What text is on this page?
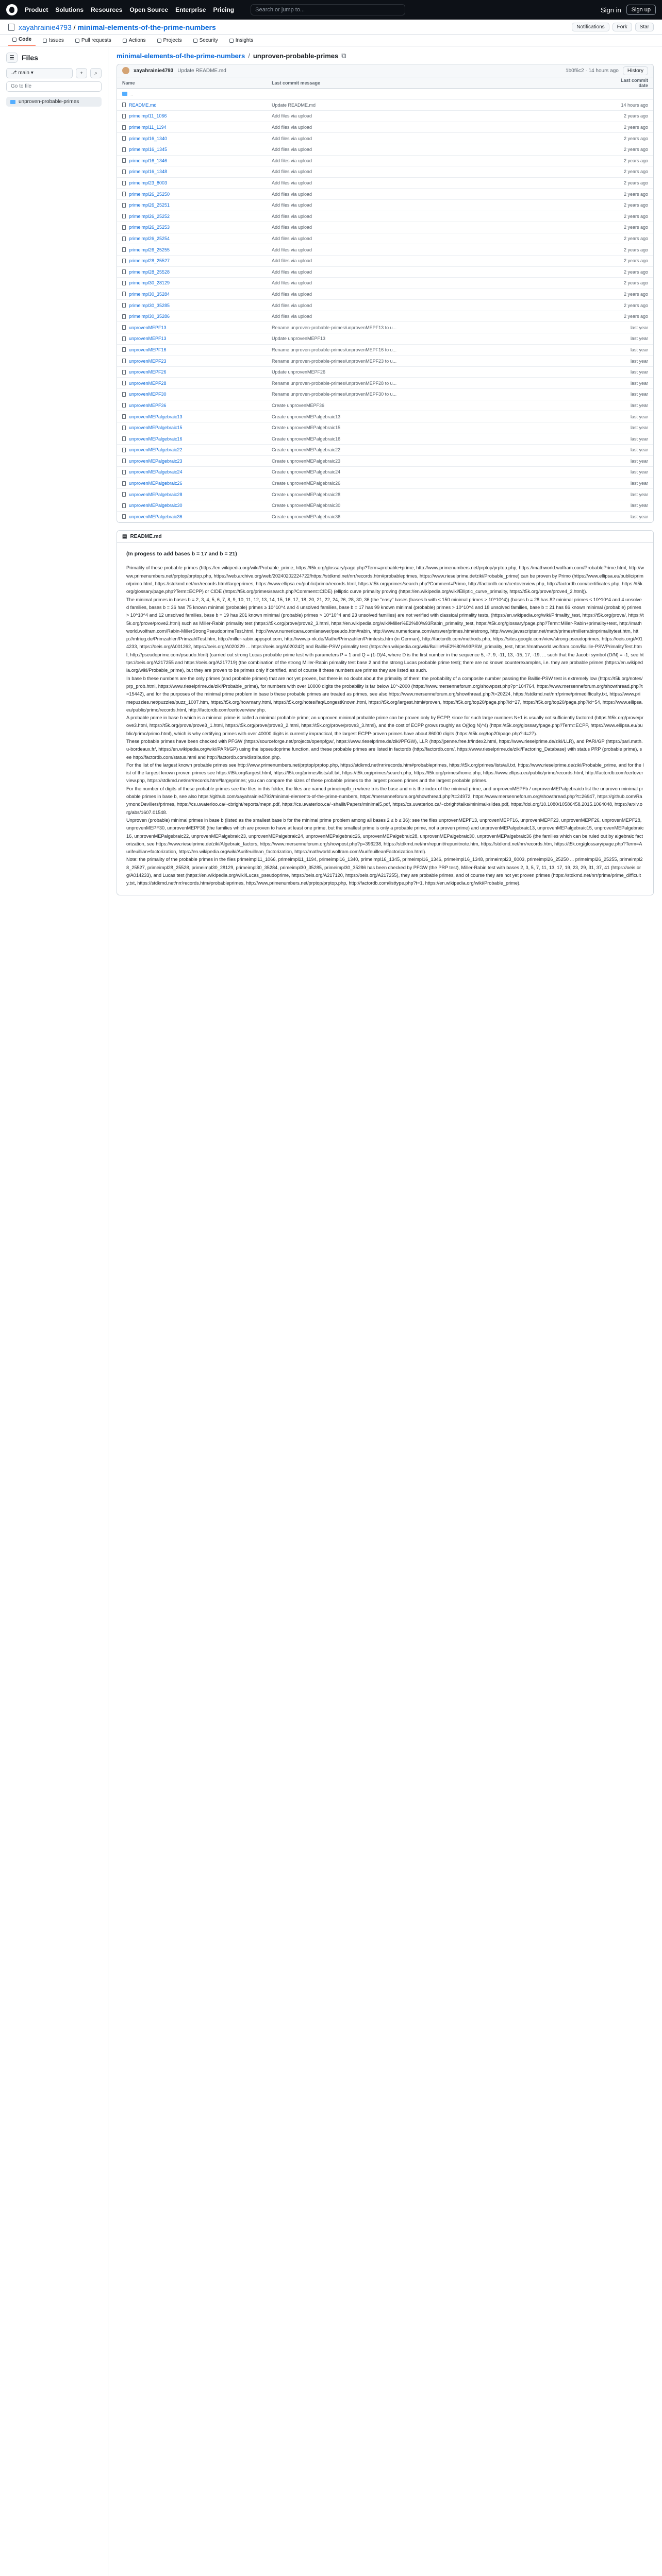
Product Solutions Resources Open Source Enterprise Pricing	Search or jump to...	Sign in	Sign up
xayahrainie4793 / minimal-elements-of-the-prime-numbers	Notifications	Fork	Star
Code	Issues	Pull requests	Actions	Projects	Security	Insights
☰	Files
⎇ main ▾	+	⌕
Go to file
unproven-probable-primes
minimal-elements-of-the-prime-numbers / unproven-probable-primes ⧉
xayahrainie4793 Update README.md	1b0f6c2 · 14 hours ago	History
Name	Last commit message	Last commit date
..
README.md	Update README.md	14 hours ago
primeimpl11_1066	Add files via upload	2 years ago
primeimpl11_1194	Add files via upload	2 years ago
primeimpl16_1340	Add files via upload	2 years ago
primeimpl16_1345	Add files via upload	2 years ago
primeimpl16_1346	Add files via upload	2 years ago
primeimpl16_1348	Add files via upload	2 years ago
primeimpl23_8003	Add files via upload	2 years ago
primeimpl26_25250	Add files via upload	2 years ago
primeimpl26_25251	Add files via upload	2 years ago
primeimpl26_25252	Add files via upload	2 years ago
primeimpl26_25253	Add files via upload	2 years ago
primeimpl26_25254	Add files via upload	2 years ago
primeimpl26_25255	Add files via upload	2 years ago
primeimpl28_25527	Add files via upload	2 years ago
primeimpl28_25528	Add files via upload	2 years ago
primeimpl30_28129	Add files via upload	2 years ago
primeimpl30_35284	Add files via upload	2 years ago
primeimpl30_35285	Add files via upload	2 years ago
primeimpl30_35286	Add files via upload	2 years ago
unprovenMEPF13	Rename unproven-probable-primes/unprovenMEPF13 to u...	last year
unprovenMEPF13	Update unprovenMEPF13	last year
unprovenMEPF16	Rename unproven-probable-primes/unprovenMEPF16 to u...	last year
unprovenMEPF23	Rename unproven-probable-primes/unprovenMEPF23 to u...	last year
unprovenMEPF26	Update unprovenMEPF26	last year
unprovenMEPF28	Rename unproven-probable-primes/unprovenMEPF28 to u...	last year
unprovenMEPF30	Rename unproven-probable-primes/unprovenMEPF30 to u...	last year
unprovenMEPF36	Create unprovenMEPF36	last year
unprovenMEPalgebraic13	Create unprovenMEPalgebraic13	last year
unprovenMEPalgebraic15	Create unprovenMEPalgebraic15	last year
unprovenMEPalgebraic16	Create unprovenMEPalgebraic16	last year
unprovenMEPalgebraic22	Create unprovenMEPalgebraic22	last year
unprovenMEPalgebraic23	Create unprovenMEPalgebraic23	last year
unprovenMEPalgebraic24	Create unprovenMEPalgebraic24	last year
unprovenMEPalgebraic26	Create unprovenMEPalgebraic26	last year
unprovenMEPalgebraic28	Create unprovenMEPalgebraic28	last year
unprovenMEPalgebraic30	Create unprovenMEPalgebraic30	last year
unprovenMEPalgebraic36	Create unprovenMEPalgebraic36	last year
▤ README.md
(In progess to add bases b = 17 and b = 21)

Primality of these probable primes (https://en.wikipedia.org/wiki/Probable_prime, https://t5k.org/glossary/page.php?Term=probable+prime, http://www.primenumbers.net/prptop/prptop.php, https://mathworld.wolfram.com/ProbablePrime.html, http://www.primenumbers.net/prptop/prptop.php, https://web.archive.org/web/20240202224722/https://stdkmd.net/nrr/records.htm#probableprimes, https://www.rieselprime.de/ziki/Probable_prime) can be proven by Primo (https://www.ellipsa.eu/public/primo/primo.html, https://stdkmd.net/nrr/records.htm#largeprimes, https://www.ellipsa.eu/public/primo/records.html, https://t5k.org/primes/search.php?Comment=Primo, http://factordb.com/certoverview.php, http://factordb.com/certificates.php, https://t5k.org/glossary/page.php?Term=ECPP) or CIDE (https://t5k.org/primes/search.php?Comment=CIDE) (elliptic curve primality proving (https://en.wikipedia.org/wiki/Elliptic_curve_primality, https://t5k.org/prove/prove4_2.html)).

The minimal primes in bases b = 2, 3, 4, 5, 6, 7, 8, 9, 10, 11, 12, 13, 14, 15, 16, 17, 18, 20, 21, 22, 24, 26, 28, 30, 36 (the "easy" bases (bases b with ≤ 150 minimal primes > 10^10^4)) (bases b = 28 has 82 minimal primes ≤ 10^10^4 and 4 unsolved families, bases b = 36 has 75 known minimal (probable) primes ≥ 10^10^4 and 4 unsolved families, base b = 17 has 99 known minimal (probable) primes > 10^10^4 and 18 unsolved families, base b = 21 has 86 known minimal (probable) primes > 10^10^4 and 12 unsolved families, base b = 19 has 201 known minimal (probable) primes > 10^10^4 and 23 unsolved families) are not verified with classical primality tests, (https://en.wikipedia.org/wiki/Primality_test, https://t5k.org/prove/, https://t5k.org/prove/prove2.html) such as Miller-Rabin primality test (https://t5k.org/prove/prove2_3.html, https://en.wikipedia.org/wiki/Miller%E2%80%93Rabin_primality_test, https://t5k.org/glossary/page.php?Term=Miller-Rabin+primality+test, http://mathworld.wolfram.com/Rabin-MillerStrongPseudoprimeTest.html, http://www.numericana.com/answer/pseudo.htm#rabin, http://www.numericana.com/answer/primes.htm#strong, http://www.javascripter.net/math/primes/millerrabinprimalitytest.htm, http://mfrieg.de/Primzahlen/PrimzahlTest.htm, http://miller-rabin.appspot.com, http://www.p-nk.de/Mathe/Primzahlen/Primtests.htm (in German), http://factordb.com/methods.php, https://sites.google.com/view/strong-pseudoprimes, https://oeis.org/A014233, https://oeis.org/A001262, https://oeis.org/A020229 ... https://oeis.org/A020242) and Baillie-PSW primality test (https://en.wikipedia.org/wiki/Baillie%E2%80%93PSW_primality_test, https://mathworld.wolfram.com/Baillie-PSWPrimalityTest.html, http://pseudoprime.com/pseudo.html) (carried out strong Lucas probable prime test with parameters P = 1 and Q = (1-D)/4, where D is the first number in the sequence 5, -7, 9, -11, 13, -15, 17, -19, ... such that the Jacobi symbol (D/N) = -1, see https://oeis.org/A217255 and https://oeis.org/A217719) (the combination of the strong Miller-Rabin primality test base 2 and the strong Lucas probable prime test); there are no known counterexamples, i.e. they are probable primes (https://en.wikipedia.org/wiki/Probable_prime), but they are proven to be primes only if certified, and of course if these numbers are primes they are listed as such.

In base b these numbers are the only primes (and probable primes) that are not yet proven, but there is no doubt about the primality of them: the probability of a composite number passing the Baillie-PSW test is extremely low (https://t5k.org/notes/prp_prob.html, https://www.rieselprime.de/ziki/Probable_prime), for numbers with over 10000 digits the probability is far below 10^-2000 (https://www.mersenneforum.org/showpost.php?p=104764, https://www.mersenneforum.org/showthread.php?t=15442), and for the purposes of the minimal prime problem in base b these probable primes are treated as primes, see also https://www.mersenneforum.org/showthread.php?t=20224, https://stdkmd.net/nrr/prime/primedifficulty.txt, https://www.primepuzzles.net/puzzles/puzz_1007.htm, https://t5k.org/howmany.html, https://t5k.org/notes/faq/LongestKnown.html, https://t5k.org/largest.html#proven, https://t5k.org/top20/page.php?id=27, https://t5k.org/top20/page.php?id=54, https://www.ellipsa.eu/public/primo/records.html, http://factordb.com/certoverview.php.

A probable prime in base b which is a minimal prime is called a minimal probable prime; an unproven minimal probable prime can be proven only by ECPP, since for such large numbers N±1 is usually not sufficiently factored (https://t5k.org/prove/prove3.html, https://t5k.org/prove/prove3_1.html, https://t5k.org/prove/prove3_2.html, https://t5k.org/prove/prove3_3.html), and the cost of ECPP grows roughly as O((log N)^4) (https://t5k.org/glossary/page.php?Term=ECPP, https://www.ellipsa.eu/public/primo/primo.html), which is why certifying primes with over 40000 digits is currently impractical, the largest ECPP-proven primes have about 86000 digits (https://t5k.org/top20/page.php?id=27).

These probable primes have been checked with PFGW (https://sourceforge.net/projects/openpfgw/, https://www.rieselprime.de/ziki/PFGW), LLR (http://jpenne.free.fr/index2.html, https://www.rieselprime.de/ziki/LLR), and PARI/GP (https://pari.math.u-bordeaux.fr/, https://en.wikipedia.org/wiki/PARI/GP) using the ispseudoprime function, and these probable primes are listed in factordb (http://factordb.com/, https://www.rieselprime.de/ziki/Factoring_Database) with status PRP (probable prime), see http://factordb.com/status.html and http://factordb.com/distribution.php.

For the list of the largest known probable primes see http://www.primenumbers.net/prptop/prptop.php, https://stdkmd.net/nrr/records.htm#probableprimes, https://t5k.org/primes/lists/all.txt, https://www.rieselprime.de/ziki/Probable_prime, and for the list of the largest known proven primes see https://t5k.org/largest.html, https://t5k.org/primes/lists/all.txt, https://t5k.org/primes/search.php, https://t5k.org/primes/home.php, https://www.ellipsa.eu/public/primo/records.html, http://factordb.com/certoverview.php, https://stdkmd.net/nrr/records.htm#largeprimes; you can compare the sizes of these probable primes to the largest proven primes and the largest probable primes.

For the number of digits of these probable primes see the files in this folder; the files are named primeimplb_n where b is the base and n is the index of the minimal prime, and unprovenMEPFb / unprovenMEPalgebraicb list the unproven minimal probable primes in base b, see also https://github.com/xayahrainie4793/minimal-elements-of-the-prime-numbers, https://mersenneforum.org/showthread.php?t=24972, https://www.mersenneforum.org/showthread.php?t=26947, https://github.com/RaymondDevillers/primes, https://cs.uwaterloo.ca/~cbright/reports/mepn.pdf, https://cs.uwaterloo.ca/~shallit/Papers/minimal5.pdf, https://cs.uwaterloo.ca/~cbright/talks/minimal-slides.pdf, https://doi.org/10.1080/10586458.2015.1064048, https://arxiv.org/abs/1607.01548.

Unproven (probable) minimal primes in base b (listed as the smallest base b for the minimal prime problem among all bases 2 ≤ b ≤ 36): see the files unprovenMEPF13, unprovenMEPF16, unprovenMEPF23, unprovenMEPF26, unprovenMEPF28, unprovenMEPF30, unprovenMEPF36 (the families which are proven to have at least one prime, but the smallest prime is only a probable prime, not a proven prime) and unprovenMEPalgebraic13, unprovenMEPalgebraic15, unprovenMEPalgebraic16, unprovenMEPalgebraic22, unprovenMEPalgebraic23, unprovenMEPalgebraic24, unprovenMEPalgebraic26, unprovenMEPalgebraic28, unprovenMEPalgebraic30, unprovenMEPalgebraic36 (the families which can be ruled out by algebraic factorization, see https://www.rieselprime.de/ziki/Algebraic_factors, https://www.mersenneforum.org/showpost.php?p=396238, https://stdkmd.net/nrr/repunit/repunitnote.htm, https://stdkmd.net/nrr/records.htm, https://t5k.org/glossary/page.php?Term=Aurifeuillian+factorization, https://en.wikipedia.org/wiki/Aurifeuillean_factorization, https://mathworld.wolfram.com/AurifeuilleanFactorization.html).

Note: the primality of the probable primes in the files primeimpl11_1066, primeimpl11_1194, primeimpl16_1340, primeimpl16_1345, primeimpl16_1346, primeimpl16_1348, primeimpl23_8003, primeimpl26_25250 ... primeimpl26_25255, primeimpl28_25527, primeimpl28_25528, primeimpl30_28129, primeimpl30_35284, primeimpl30_35285, primeimpl30_35286 has been checked by PFGW (the PRP test), Miller-Rabin test with bases 2, 3, 5, 7, 11, 13, 17, 19, 23, 29, 31, 37, 41 (https://oeis.org/A014233), and Lucas test (https://en.wikipedia.org/wiki/Lucas_pseudoprime, https://oeis.org/A217120, https://oeis.org/A217255), they are probable primes, and of course they are not yet proven primes (https://stdkmd.net/nrr/prime/prime_difficulty.txt, https://stdkmd.net/nrr/records.htm#probableprimes, http://www.primenumbers.net/prptop/prptop.php, http://factordb.com/listtype.php?t=1, https://en.wikipedia.org/wiki/Probable_prime).
